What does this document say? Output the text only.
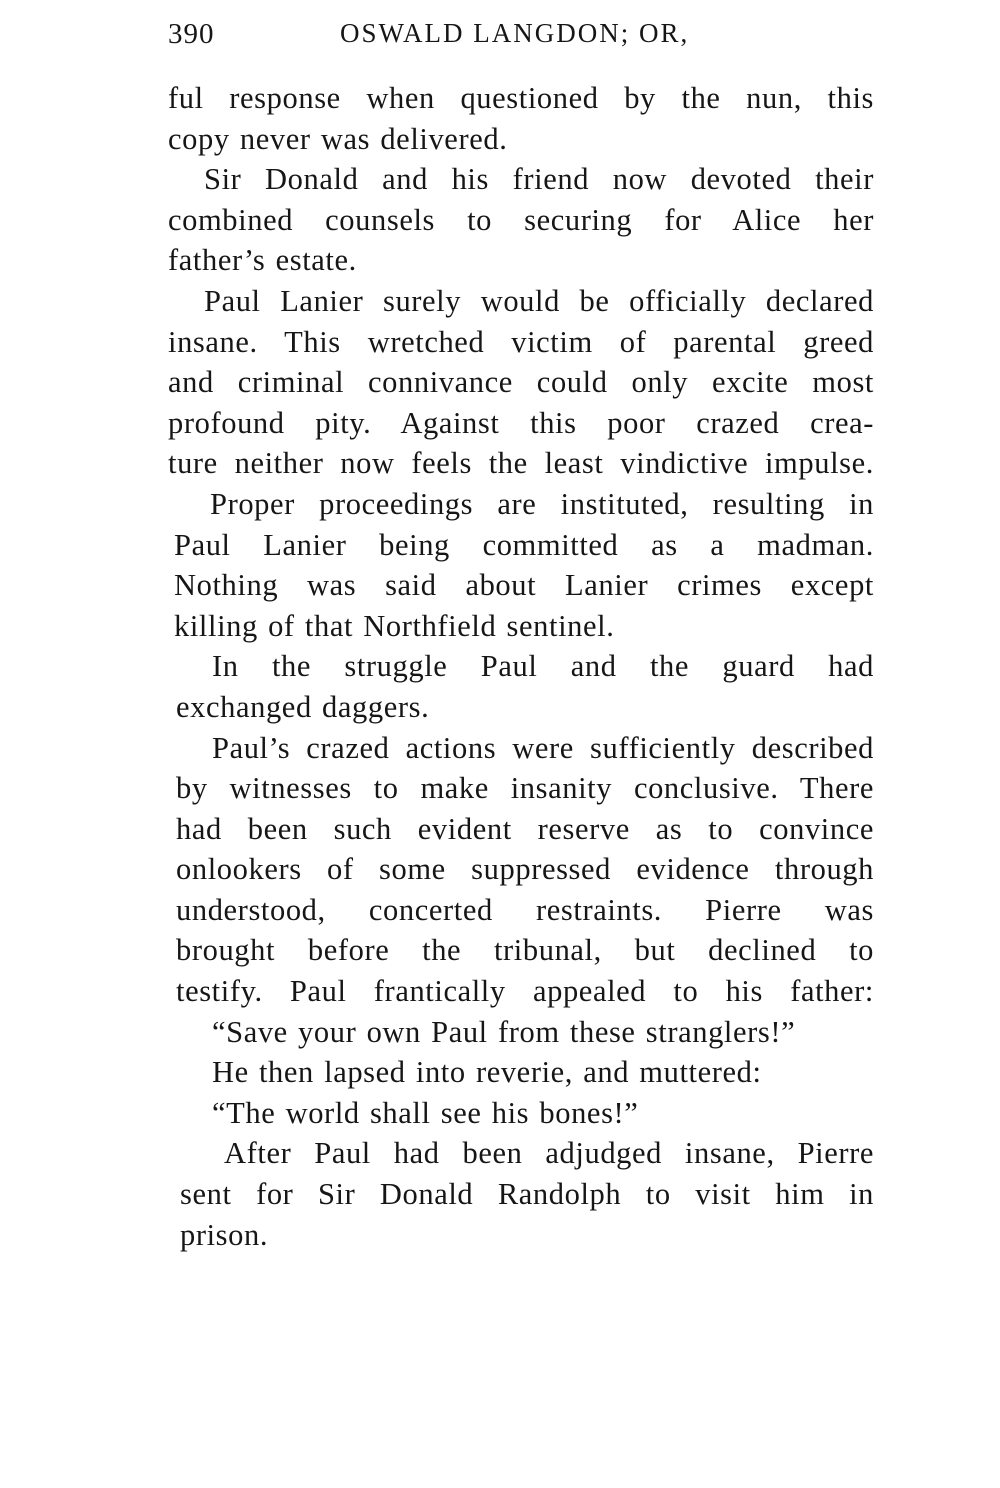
390	OSWALD LANGDON; OR,
ful response when questioned by the nun, this
copy never was delivered.
Sir Donald and his friend now devoted their
combined counsels to securing for Alice her
father’s estate.
Paul Lanier surely would be officially declared
insane. This wretched victim of parental greed
and criminal connivance could only excite most
profound pity. Against this poor crazed crea-
ture neither now feels the least vindictive impulse.
Proper proceedings are instituted, resulting in
Paul Lanier being committed as a madman.
Nothing was said about Lanier crimes except
killing of that Northfield sentinel.
In the struggle Paul and the guard had
exchanged daggers.
Paul’s crazed actions were sufficiently described
by witnesses to make insanity conclusive. There
had been such evident reserve as to convince
onlookers of some suppressed evidence through
understood, concerted restraints. Pierre was
brought before the tribunal, but declined to
testify. Paul frantically appealed to his father:
“Save your own Paul from these stranglers!”
He then lapsed into reverie, and muttered:
“The world shall see his bones!”
After Paul had been adjudged insane, Pierre
sent for Sir Donald Randolph to visit him in
prison.
